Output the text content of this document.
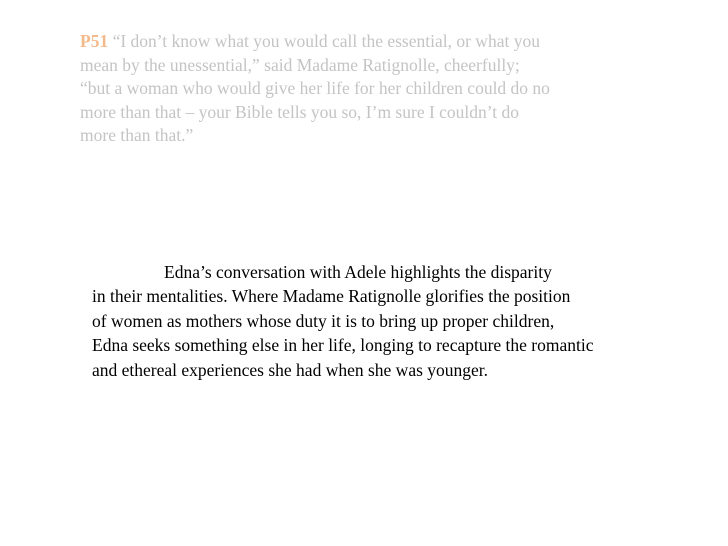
P51 “I don’t know what you would call the essential, or what you
mean by the unessential,” said Madame Ratignolle, cheerfully;
“but a woman who would give her life for her children could do no
more than that – your Bible tells you so, I’m sure I couldn’t do
more than that.”
Edna’s conversation with Adele highlights the disparity
in their mentalities. Where Madame Ratignolle glorifies the position
of women as mothers whose duty it is to bring up proper children,
Edna seeks something else in her life, longing to recapture the romantic
and ethereal experiences she had when she was younger.
